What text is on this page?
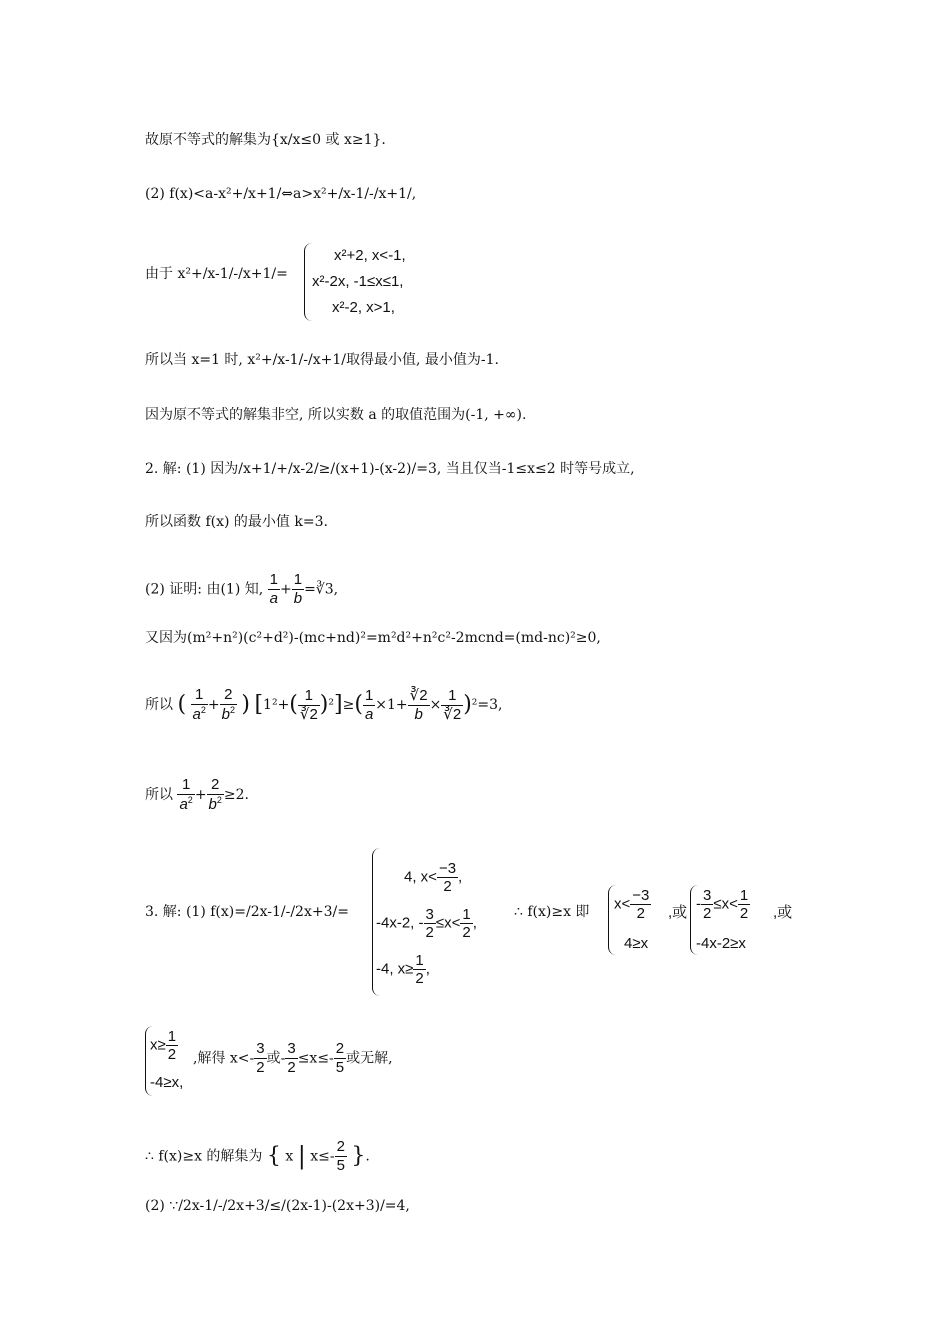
故原不等式的解集为{x/x≤0 或 x≥1}.
(2) f(x)<a-x²+/x+1/⇔a>x²+/x-1/-/x+1/,
由于 x²+/x-1/-/x+1/=
x²+2, x<-1,
x²-2x, -1≤x≤1,
x²-2, x>1,
所以当 x=1 时, x²+/x-1/-/x+1/取得最小值, 最小值为-1.
因为原不等式的解集非空, 所以实数 a 的取值范围为(-1, +∞).
2. 解: (1) 因为/x+1/+/x-2/≥/(x+1)-(x-2)/=3, 当且仅当-1≤x≤2 时等号成立,
所以函数 f(x) 的最小值 k=3.
(2) 证明: 由(1) 知, $\frac{1}{a} + \frac{1}{b}$ =∛3,
又因为(m²+n²)(c²+d²)-(mc+nd)²=m²d²+n²c²-2mcnd=(md-nc)²≥0,
所以 ( $\frac{1}{a^2} + \frac{2}{b^2}$ ) $[1^2+( \frac{1}{∛2} )^2]\ge( \frac{1}{a} \times 1+ \frac{∛2}{b} \times \frac{1}{∛2} )^2=3$,
所以 $\frac{1}{a^2} + \frac{2}{b^2} \ge 2$.
3. 解: (1) f(x)=/2x-1/-/2x+3/=
4, $x< \frac{-3}{2}$ ,
-4x-2, - $\frac{3}{2} \le x< \frac{1}{2}$ ,
-4, $x\ge \frac{1}{2}$ ,
∴ f(x)≥x 即 $x< \frac{-3}{2}$
4≥x
,或
- $\frac{3}{2} \le x< \frac{1}{2}$
-4x-2≥x
,或
$x\ge \frac{1}{2}$
-4≥x,
,解得 $x<- \frac{3}{2}$ 或- $\frac{3}{2} \le x\le- \frac{2}{5}$ 或无解,
∴ f(x)≥x 的解集为 { x | $x\le- \frac{2}{5}$ }.
(2) ∵/2x-1/-/2x+3/≤/(2x-1)-(2x+3)/=4,
